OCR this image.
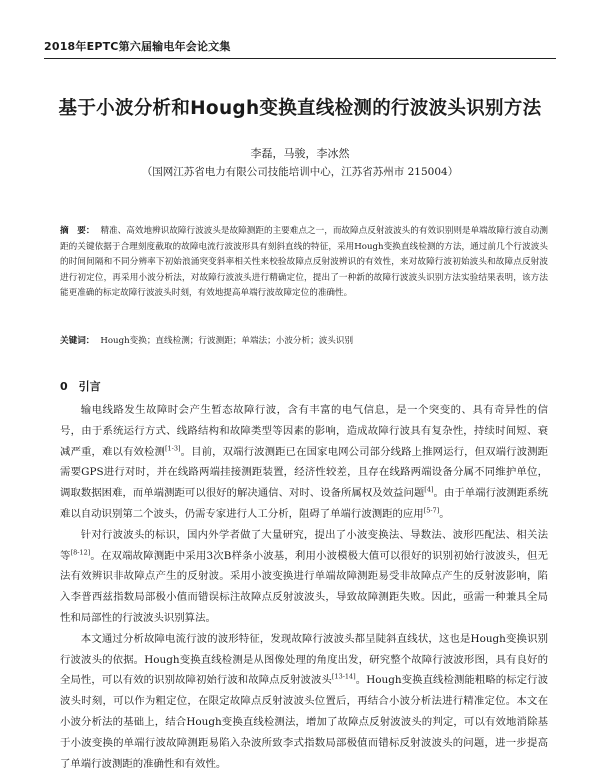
2018年EPTC第六届输电年会论文集
基于小波分析和Hough变换直线检测的行波波头识别方法
李磊，马骏，李冰然
（国网江苏省电力有限公司技能培训中心，江苏省苏州市 215004）
摘　要： 精准、高效地辨识故障行波波头是故障测距的主要难点之一，而故障点反射波波头的有效识别则是单端故障行波自动测距的关键依据于合理刻度截取的故障电流行波波形具有刻斜直线的特征，采用Hough变换直线检测的方法，通过前几个行波波头的时间间隔和不同分辨率下初始浪涌突变斜率相关性来校验故障点反射波辨识的有效性，来对故障行波初始波头和故障点反射波进行初定位，再采用小波分析法，对故障行波波头进行精确定位，提出了一种新的故障行波波头识别方法实验结果表明，该方法能更准确的标定故障行波波头时刻，有效地提高单端行波故障定位的准确性。
关键词： Hough变换；直线检测；行波测距；单端法；小波分析；波头识别
0　引言

输电线路发生故障时会产生暂态故障行波，含有丰富的电气信息，是一个突变的、具有奇异性的信号，由于系统运行方式、线路结构和故障类型等因素的影响，造成故障行波具有复杂性，持续时间短、衰减严重，难以有效检测[1-3]。目前，双端行波测距已在国家电网公司部分线路上推网运行，但双端行波测距需要GPS进行对时，并在线路两端挂接测距装置，经济性较差，且存在线路两端设备分属不同维护单位，调取数据困难，而单端测距可以很好的解决通信、对时、设备所属权及效益问题[4]。由于单端行波测距系统难以自动识别第二个波头，仍需专家进行人工分析，阻碍了单端行波测距的应用[5-7]。

针对行波波头的标识，国内外学者做了大量研究，提出了小波变换法、导数法、波形匹配法、相关法等[8-12]。在双端故障测距中采用3次B样条小波基，利用小波模极大值可以很好的识别初始行波波头，但无法有效辨识非故障点产生的反射波。采用小波变换进行单端故障测距易受非故障点产生的反射波影响，陷入李普西兹指数局部极小值而错误标注故障点反射波波头，导致故障测距失败。因此，亟需一种兼具全局性和局部性的行波波头识别算法。

本文通过分析故障电流行波的波形特征，发现故障行波波头都呈陡斜直线状，这也是Hough变换识别行波波头的依据。Hough变换直线检测是从图像处理的角度出发，研究整个故障行波波形图，具有良好的全局性，可以有效的识别故障初始行波和故障点反射波波头[13-14]。Hough变换直线检测能粗略的标定行波波头时刻，可以作为粗定位，在限定故障点反射波波头位置后，再结合小波分析法进行精准定位。本文在小波分析法的基础上，结合Hough变换直线检测法，增加了故障点反射波波头的判定，可以有效地消除基于小波变换的单端行波故障测距易陷入杂波所致李式指数局部极值而错标反射波波头的问题，进一步提高了单端行波测距的准确性和有效性。
